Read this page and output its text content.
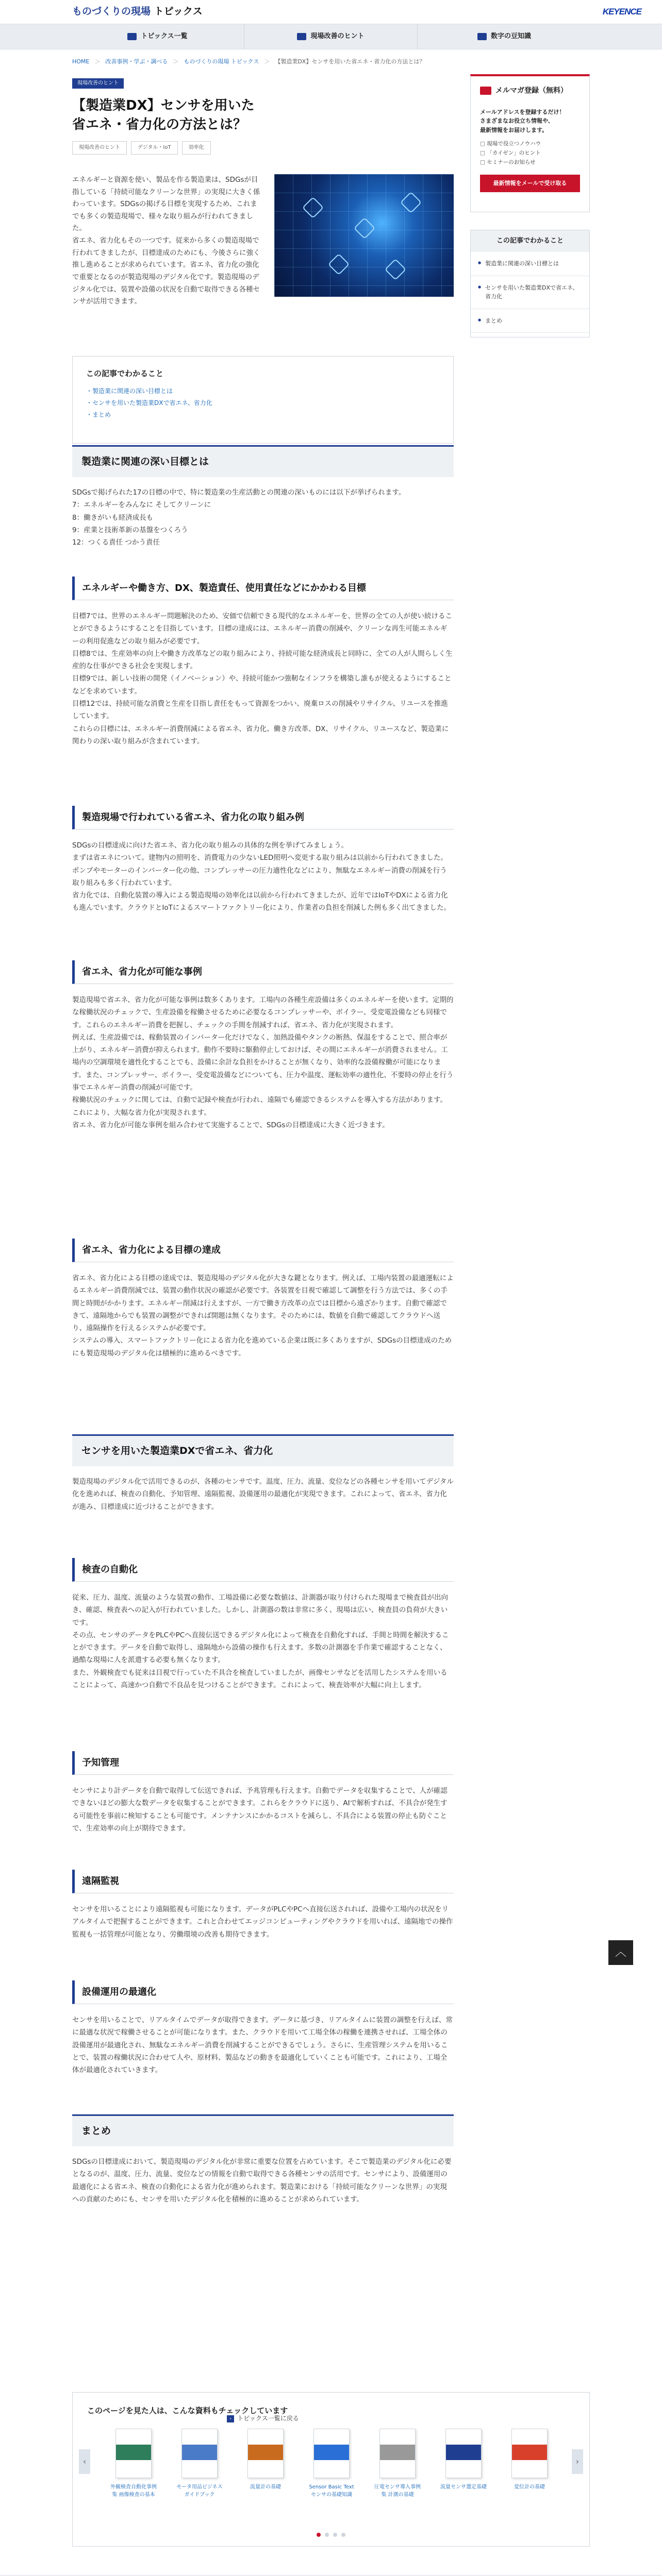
ものづくりの現場 トピックス	KEYENCE
トピックス一覧	現場改善のヒント	数字の豆知識
HOME ＞ 改善事例・学ぶ・調べる ＞ ものづくりの現場 トピックス ＞ 【製造業DX】センサを用いた省エネ・省力化の方法とは？
現場改善のヒント
【製造業DX】センサを用いた
省エネ・省力化の方法とは？
現場改善のヒント	デジタル・IoT	効率化

エネルギーと資源を使い、製品を作る製造業は、SDGsが目指している「持続可能なクリーンな世界」の実現に大きく係わっています。SDGsの掲げる目標を実現するため、これまでも多くの製造現場で、様々な取り組みが行われてきました。
省エネ、省力化もその一つです。従来から多くの製造現場で行われてきましたが、目標達成のためにも、今後さらに強く推し進めることが求められています。省エネ、省力化の強化で重要となるのが製造現場のデジタル化です。製造現場のデジタル化では、装置や設備の状況を自動で取得できる各種センサが活用できます。

この記事でわかること
・ 製造業に関連の深い目標とは
・ センサを用いた製造業DXで省エネ、省力化
・ まとめ
メルマガ登録（無料）

メールアドレスを登録するだけ！
さまざまなお役立ち情報や、
最新情報をお届けします。

□ 現場で役立つノウハウ
□ 「カイゼン」のヒント
□ セミナーのお知らせ
最新情報をメールで受け取る
この記事でわかること
● 製造業に関連の深い目標とは
● センサを用いた製造業DXで省エネ、省力化
● まとめ
製造業に関連の深い目標とは

SDGsで掲げられた17の目標の中で、特に製造業の生産活動との関連の深いものには以下が挙げられます。
7：エネルギーをみんなに そしてクリーンに
8：働きがいも経済成長も
9：産業と技術革新の基盤をつくろう
12：つくる責任 つかう責任

エネルギーや働き方、DX、製造責任、使用責任などにかかわる目標

目標7では、世界のエネルギー問題解決のため、安価で信頼できる現代的なエネルギーを、世界の全ての人が使い続けることができるようにすることを目指しています。目標の達成には、エネルギー消費の削減や、クリーンな再生可能エネルギーの利用促進などの取り組みが必要です。
目標8では、生産効率の向上や働き方改革などの取り組みにより、持続可能な経済成長と同時に、全ての人が人間らしく生産的な仕事ができる社会を実現します。
目標9では、新しい技術の開発（イノベーション）や、持続可能かつ強靭なインフラを構築し誰もが使えるようにすることなどを求めています。
目標12では、持続可能な消費と生産を目指し責任をもって資源をつかい、廃棄ロスの削減やリサイクル、リユースを推進しています。
これらの目標には、エネルギー消費削減による省エネ、省力化、働き方改革、DX、リサイクル、リユースなど、製造業に関わりの深い取り組みが含まれています。

製造現場で行われている省エネ、省力化の取り組み例

SDGsの目標達成に向けた省エネ、省力化の取り組みの具体的な例を挙げてみましょう。
まずは省エネについて。建物内の照明を、消費電力の少ないLED照明へ変更する取り組みは以前から行われてきました。ポンプやモーターのインバーター化の他、コンプレッサーの圧力適性化などにより、無駄なエネルギー消費の削減を行う取り組みも多く行われています。
省力化では、自動化装置の導入による製造現場の効率化は以前から行われてきましたが、近年ではIoTやDXによる省力化も進んでいます。クラウドとIoTによるスマートファクトリー化により、作業者の負担を削減した例も多く出てきました。

省エネ、省力化が可能な事例

製造現場で省エネ、省力化が可能な事例は数多くあります。工場内の各種生産設備は多くのエネルギーを使います。定期的な稼働状況のチェックで、生産設備を稼働させるために必要なるコンプレッサーや、ボイラー、受変電設備なども同様です。これらのエネルギー消費を把握し、チェックの手間を削減すれば、省エネ、省力化が実現されます。
例えば、生産設備では、稼動装置のインバーター化だけでなく、加熱設備やタンクの断熱、保温をすることで、照合率が上がり、エネルギー消費が抑えられます。動作不要時に駆動停止しておけば、その間にエネルギーが消費されません。工場内の空調環境を適性化することでも、設備に余計な負担をかけることが無くなり、効率的な設備稼働が可能になります。また、コンプレッサー、ボイラー、受変電設備などについても、圧力や温度、運転効率の適性化、不要時の停止を行う事でエネルギー消費の削減が可能です。
稼働状況のチェックに関しては、自動で記録や検査が行われ、遠隔でも確認できるシステムを導入する方法があります。これにより、大幅な省力化が実現されます。
省エネ、省力化が可能な事例を組み合わせて実施することで、SDGsの目標達成に大きく近づきます。

省エネ、省力化による目標の達成

省エネ、省力化による目標の達成では、製造現場のデジタル化が大きな鍵となります。例えば、工場内装置の最適運転によるエネルギー消費削減では、装置の動作状況の確認が必要です。各装置を目視で確認して調整を行う方法では、多くの手間と時間がかかります。エネルギー削減は行えますが、一方で働き方改革の点では目標から遠ざかります。自動で確認できて、遠隔地からでも装置の調整ができれば開題は無くなります。そのためには、数値を自動で確認してクラウドへ送り、遠隔操作を行えるシステムが必要です。
システムの導入、スマートファクトリー化による省力化を進めている企業は既に多くありますが、SDGsの目標達成のためにも製造現場のデジタル化は積極的に進めるべきです。

センサを用いた製造業DXで省エネ、省力化

製造現場のデジタル化で活用できるのが、各種のセンサです。温度、圧力、流量、変位などの各種センサを用いてデジタル化を進めれば、検査の自動化、予知管理、遠隔監視、設備運用の最適化が実現できます。これによって、省エネ、省力化が進み、目標達成に近づけることができます。

検査の自動化

従来、圧力、温度、流量のような装置の動作、工場設備に必要な数値は、計測器が取り付けられた現場まで検査員が出向き、確認、検査表への記入が行われていました。しかし、計測器の数は非常に多く、現場は広い、検査員の負荷が大きいです。
その点、センサのデータをPLCやPCへ直接伝送できるデジタル化によって検査を自動化すれば、手間と時間を解決することができます。データを自動で取得し、遠隔地から設備の操作も行えます。多数の計測器を手作業で確認することなく、過酷な現場に人を派遣する必要も無くなります。
また、外観検査でも従来は目視で行っていた不具合を検査していましたが、画像センサなどを活用したシステムを用いることによって、高速かつ自動で不良品を見つけることができます。これによって、検査効率が大幅に向上します。

予知管理

センサにより計データを自動で取得して伝送できれば、予兆管理も行えます。自動でデータを収集することで、人が確認できないほどの膨大な数データを収集することができます。これらをクラウドに送り、AIで解析すれば、不具合が発生する可能性を事前に検知することも可能です。メンテナンスにかかるコストを減らし、不具合による装置の停止も防ぐことで、生産効率の向上が期待できます。

遠隔監視

センサを用いることにより遠隔監視も可能になります。データがPLCやPCへ直接伝送されれば、設備や工場内の状況をリアルタイムで把握することができます。これと合わせてエッジコンピューティングやクラウドを用いれば、遠隔地での操作監視も一括管理が可能となり、労働環境の改善も期待できます。

設備運用の最適化

センサを用いることで、リアルタイムでデータが取得できます。データに基づき、リアルタイムに装置の調整を行えば、常に最適な状況で稼働させることが可能になります。また、クラウドを用いて工場全体の稼働を連携させれば、工場全体の設備運用が最適化され、無駄なエネルギー消費を削減することができるでしょう。さらに、生産管理システムを用いることで、装置の稼働状況に合わせて人や、原材料、製品などの動きを最適化していくことも可能です。これにより、工場全体が最適化されていきます。

まとめ

SDGsの目標達成において、製造現場のデジタル化が非常に重要な位置を占めています。そこで製造業のデジタル化に必要となるのが、温度、圧力、流量、変位などの情報を自動で取得できる各種センサの活用です。センサにより、設備運用の最適化による省エネ、検査の自動化による省力化が進められます。製造業における「持続可能なクリーンな世界」の実現への貢献のためにも、センサを用いたデジタル化を積極的に進めることが求められています。

› トピックス一覧に戻る
このページを見た人は、こんな資料もチェックしています
‹	›
外観検査自動化事例集 画像検査の基本
モータ用品ビジネスガイドブック
流量計の基礎	Sensor Basic Text センサの基礎知識
圧電センサ導入事例集 計測の基礎
流量センサ選定基礎	変位計の基礎

︿
